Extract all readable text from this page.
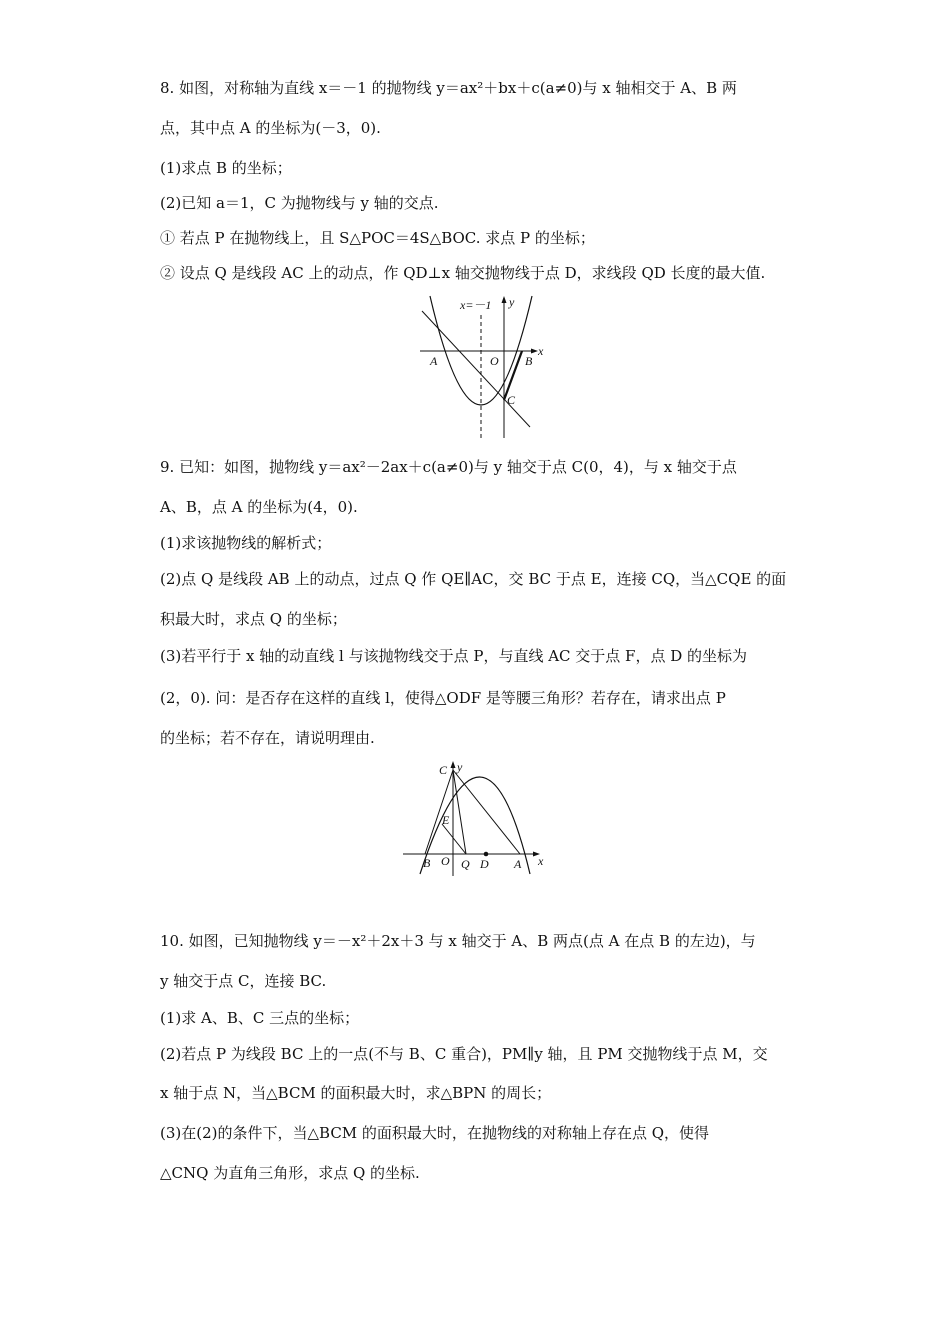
8. 如图，对称轴为直线 x＝－1 的抛物线 y＝ax²＋bx＋c(a≠0)与 x 轴相交于 A、B 两
点，其中点 A 的坐标为(－3，0).
(1)求点 B 的坐标；
(2)已知 a＝1，C 为抛物线与 y 轴的交点.
① 若点 P 在抛物线上，且 S△POC＝4S△BOC. 求点 P 的坐标；
② 设点 Q 是线段 AC 上的动点，作 QD⊥x 轴交抛物线于点 D，求线段 QD 长度的最大值.
x=－1 y
x
A	O B
C
9. 已知：如图，抛物线 y＝ax²－2ax＋c(a≠0)与 y 轴交于点 C(0，4)，与 x 轴交于点
A、B，点 A 的坐标为(4，0).
(1)求该抛物线的解析式；
(2)点 Q 是线段 AB 上的动点，过点 Q 作 QE∥AC，交 BC 于点 E，连接 CQ，当△CQE 的面
积最大时，求点 Q 的坐标；
(3)若平行于 x 轴的动直线 l 与该抛物线交于点 P，与直线 AC 交于点 F，点 D 的坐标为
(2，0). 问：是否存在这样的直线 l，使得△ODF 是等腰三角形？若存在，请求出点 P
的坐标；若不存在，请说明理由.
y
C
E
B O Q D A x
10. 如图，已知抛物线 y＝－x²＋2x＋3 与 x 轴交于 A、B 两点(点 A 在点 B 的左边)，与
y 轴交于点 C，连接 BC.
(1)求 A、B、C 三点的坐标；
(2)若点 P 为线段 BC 上的一点(不与 B、C 重合)，PM∥y 轴，且 PM 交抛物线于点 M，交
x 轴于点 N，当△BCM 的面积最大时，求△BPN 的周长；
(3)在(2)的条件下，当△BCM 的面积最大时，在抛物线的对称轴上存在点 Q，使得
△CNQ 为直角三角形，求点 Q 的坐标.
